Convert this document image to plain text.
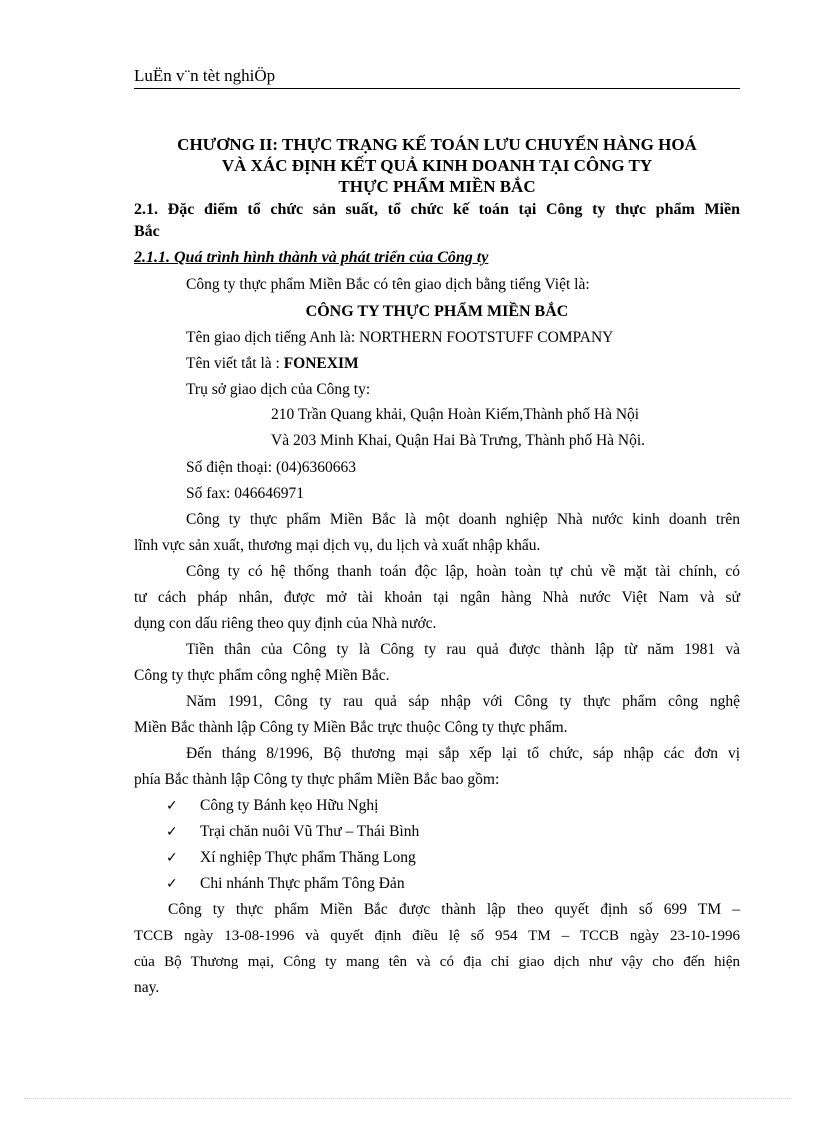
LuËn v¨n tèt nghiÖp
CHƯƠNG II: THỰC TRẠNG KẾ TOÁN LƯU CHUYỂN HÀNG HOÁ
VÀ XÁC ĐỊNH KẾT QUẢ KINH DOANH TẠI CÔNG TY
THỰC PHẨM MIỀN BẮC
2.1. Đặc điểm tổ chức sản suất, tổ chức kế toán tại Công ty thực phẩm Miền
Bắc
2.1.1. Quá trình hình thành và phát triển của Công ty
Công ty thực phẩm Miền Bắc có tên giao dịch bằng tiếng Việt là:
CÔNG TY THỰC PHẨM MIỀN BẮC
Tên giao dịch tiếng Anh là: NORTHERN FOOTSTUFF COMPANY
Tên viết tắt là : FONEXIM
Trụ sở giao dịch của Công ty:
210 Trần Quang khải, Quận Hoàn Kiếm,Thành phố Hà Nội
Và 203 Minh Khai, Quận Hai Bà Trưng, Thành phố Hà Nội.
Số điện thoại: (04)6360663
Số fax: 046646971
Công ty thực phẩm Miền Bắc là một doanh nghiệp Nhà nước kinh doanh trên
lĩnh vực sản xuất, thương mại dịch vụ, du lịch và xuất nhập khẩu.
Công ty có hệ thống thanh toán độc lập, hoàn toàn tự chủ về mặt tài chính, có
tư cách pháp nhân, được mở tài khoản tại ngân hàng Nhà nước Việt Nam và sử
dụng con dấu riêng theo quy định của Nhà nước.
Tiền thân của Công ty là Công ty rau quả được thành lập từ năm 1981 và
Công ty thực phẩm công nghệ Miền Bắc.
Năm 1991, Công ty rau quả sáp nhập với Công ty thực phẩm công nghệ
Miền Bắc thành lập Công ty Miền Bắc trực thuộc Công ty thực phẩm.
Đến tháng 8/1996, Bộ thương mại sắp xếp lại tổ chức, sáp nhập các đơn vị
phía Bắc thành lập Công ty thực phẩm Miền Bắc bao gồm:
✓ Công ty Bánh kẹo Hữu Nghị
✓ Trại chăn nuôi Vũ Thư – Thái Bình
✓ Xí nghiệp Thực phẩm Thăng Long
✓ Chi nhánh Thực phẩm Tông Đản
Công ty thực phẩm Miền Bắc được thành lập theo quyết định số 699 TM –
TCCB ngày 13-08-1996 và quyết định điều lệ số 954 TM – TCCB ngày 23-10-1996
của Bộ Thương mại, Công ty mang tên và có địa chỉ giao dịch như vậy cho đến hiện
nay.
